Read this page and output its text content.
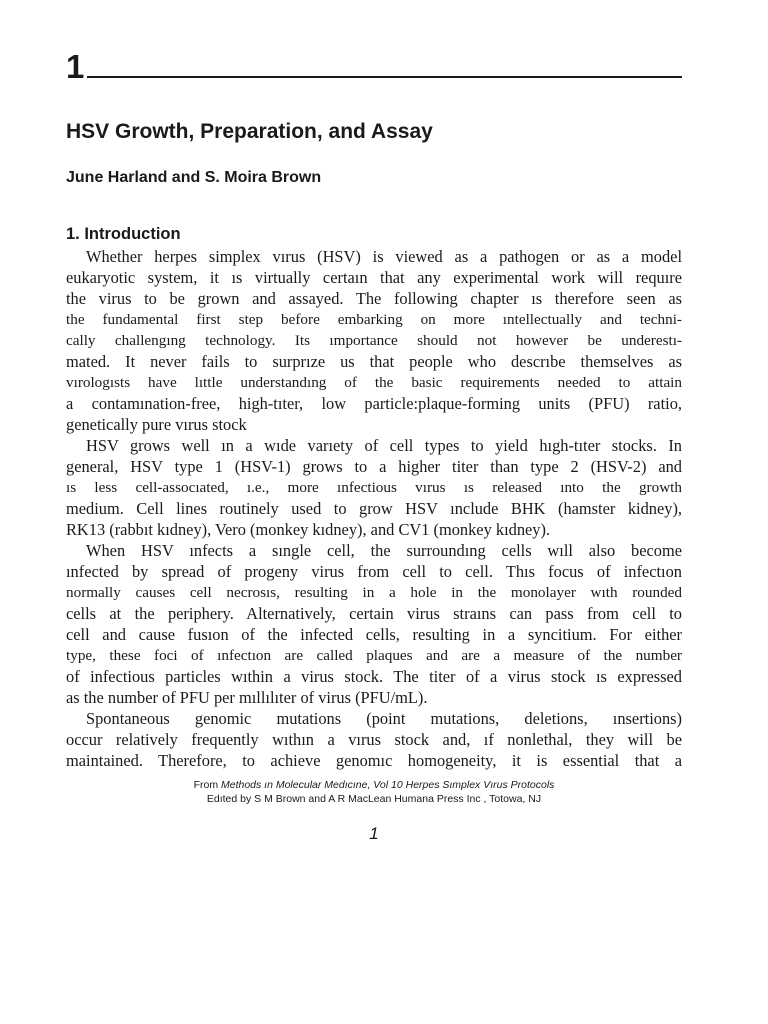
1
HSV Growth, Preparation, and Assay
June Harland and S. Moira Brown
1. Introduction
Whether herpes simplex vırus (HSV) is viewed as a pathogen or as a model
eukaryotic system, it ıs virtually certaın that any experimental work will requıre
the virus to be grown and assayed. The following chapter ıs therefore seen as
the fundamental first step before embarking on more ıntellectually and techni-
cally challengıng technology. Its ımportance should not however be underestı-
mated. It never fails to surprıze us that people who descrıbe themselves as
vırologısts have lıttle understandıng of the basic requirements needed to attain
a contamınation-free, high-tıter, low particle:plaque-forming units (PFU) ratio,
genetically pure vırus stock
HSV grows well ın a wıde varıety of cell types to yield hıgh-tıter stocks. In
general, HSV type 1 (HSV-1) grows to a higher titer than type 2 (HSV-2) and
ıs less cell-assocıated, ı.e., more ınfectious vırus ıs released ınto the growth
medium. Cell lines routinely used to grow HSV ınclude BHK (hamster kidney),
RK13 (rabbıt kıdney), Vero (monkey kıdney), and CV1 (monkey kıdney).
When HSV ınfects a sıngle cell, the surroundıng cells wıll also become
ınfected by spread of progeny virus from cell to cell. Thıs focus of infectıon
normally causes cell necrosıs, resulting in a hole in the monolayer wıth rounded
cells at the periphery. Alternatively, certain virus straıns can pass from cell to
cell and cause fusıon of the infected cells, resulting in a syncitium. For either
type, these foci of ınfectıon are called plaques and are a measure of the number
of infectious particles wıthin a virus stock. The titer of a virus stock ıs expressed
as the number of PFU per mıllılıter of virus (PFU/mL).
Spontaneous genomic mutations (point mutations, deletions, ınsertions)
occur relatively frequently wıthın a vırus stock and, ıf nonlethal, they will be
maintained. Therefore, to achieve genomıc homogeneity, it is essential that a
From Methods ın Molecular Medıcıne, Vol 10 Herpes Sımplex Vırus Protocols
Edıted by S M Brown and A R MacLean Humana Press Inc , Totowa, NJ
1
